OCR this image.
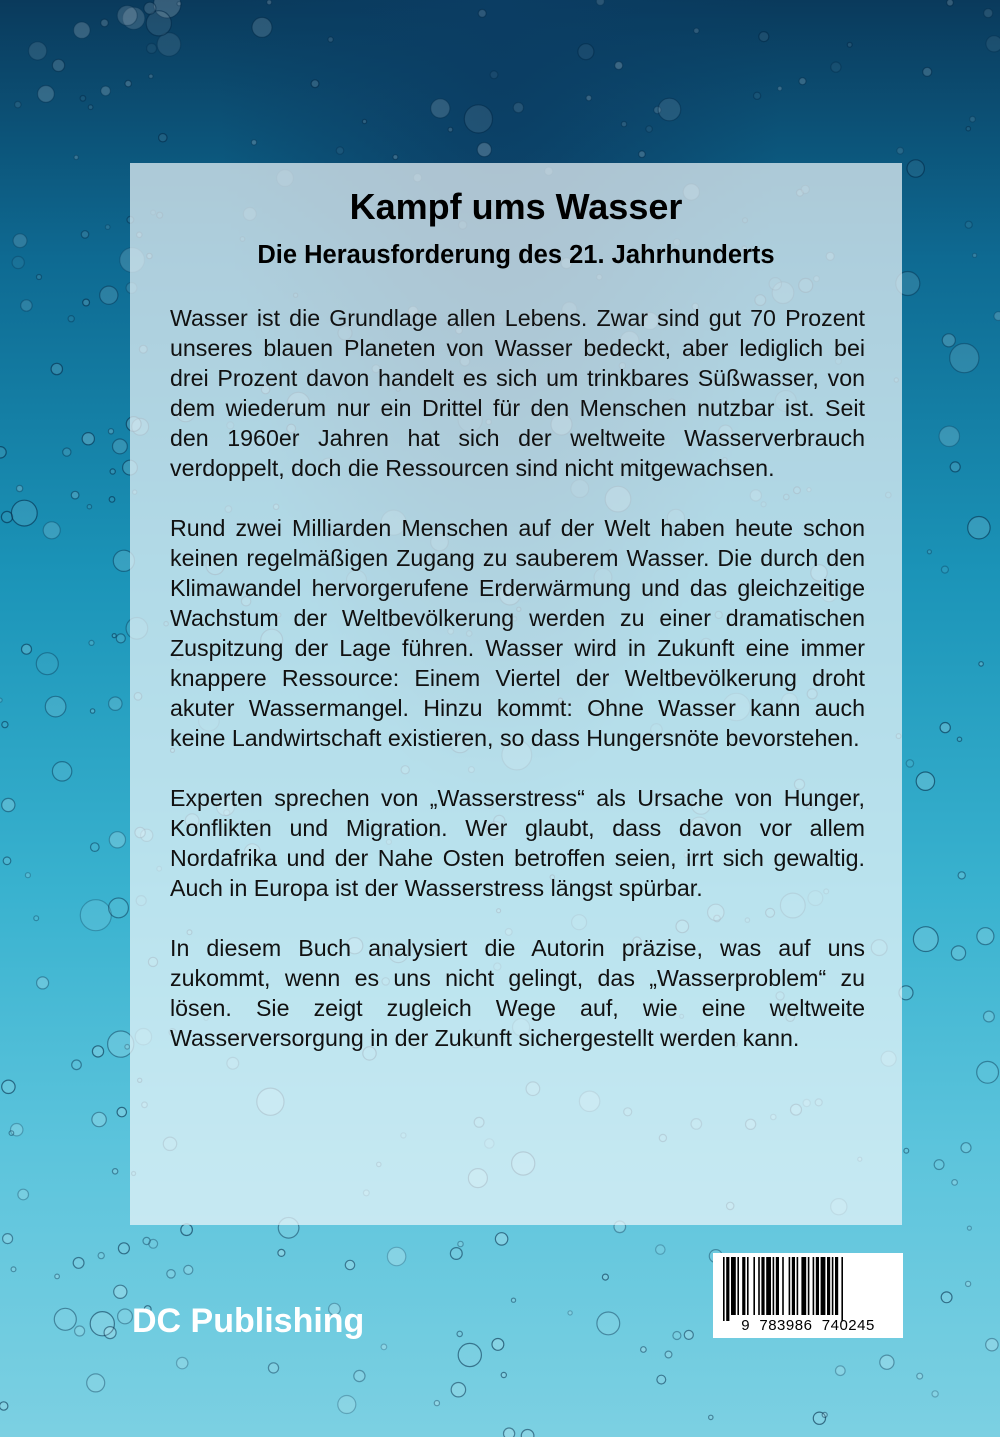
Kampf ums Wasser
Die Herausforderung des 21. Jahrhunderts

Wasser ist die Grundlage allen Lebens. Zwar sind gut 70 Prozent unseres blauen Planeten von Wasser bedeckt, aber lediglich bei drei Prozent davon handelt es sich um trinkbares Süßwasser, von dem wiederum nur ein Drittel für den Menschen nutzbar ist. Seit den 1960er Jahren hat sich der weltweite Wasserverbrauch verdoppelt, doch die Ressourcen sind nicht mitgewachsen.

Rund zwei Milliarden Menschen auf der Welt haben heute schon keinen regelmäßigen Zugang zu sauberem Wasser. Die durch den Klimawandel hervorgerufene Erderwärmung und das gleichzeitige Wachstum der Weltbevölkerung werden zu einer dramatischen Zuspitzung der Lage führen. Wasser wird in Zukunft eine immer knappere Ressource: Einem Viertel der Weltbevölkerung droht akuter Wassermangel. Hinzu kommt: Ohne Wasser kann auch keine Landwirtschaft existieren, so dass Hungersnöte bevorstehen.

Experten sprechen von „Wasserstress“ als Ursache von Hunger, Konflikten und Migration. Wer glaubt, dass davon vor allem Nordafrika und der Nahe Osten betroffen seien, irrt sich gewaltig. Auch in Europa ist der Wasserstress längst spürbar.

In diesem Buch analysiert die Autorin präzise, was auf uns zukommt, wenn es uns nicht gelingt, das „Wasserproblem“ zu lösen. Sie zeigt zugleich Wege auf, wie eine weltweite Wasserversorgung in der Zukunft sichergestellt werden kann.

DC Publishing	9  783986  740245
